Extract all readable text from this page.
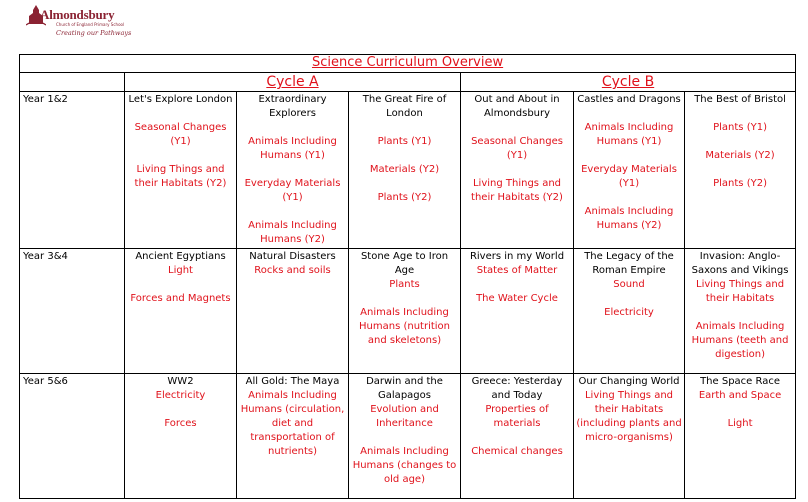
Almondsbury
Church of England Primary School
Creating our Pathways
Science Curriculum Overview						
	Cycle A			Cycle B		
Year 1&2	Let's Explore London
Seasonal Changes (Y1)
Living Things and their Habitats (Y2)	Extraordinary Explorers
Animals Including Humans (Y1)
Everyday Materials (Y1)
Animals Including Humans (Y2)	The Great Fire of London
Plants (Y1)
Materials (Y2)
Plants (Y2)	Out and About in Almondsbury
Seasonal Changes (Y1)
Living Things and their Habitats (Y2)	Castles and Dragons
Animals Including Humans (Y1)
Everyday Materials (Y1)
Animals Including Humans (Y2)	The Best of Bristol
Plants (Y1)
Materials (Y2)
Plants (Y2)

Year 3&4	Ancient Egyptians
Light
Forces and Magnets	Natural Disasters
Rocks and soils	Stone Age to Iron Age
Plants
Animals Including Humans (nutrition and skeletons)	Rivers in my World
States of Matter
The Water Cycle	The Legacy of the Roman Empire
Sound
Electricity	Invasion: Anglo-Saxons and Vikings
Living Things and their Habitats
Animals Including Humans (teeth and digestion)

Year 5&6	WW2
Electricity
Forces	All Gold: The Maya
Animals Including Humans (circulation, diet and transportation of nutrients)	Darwin and the Galapagos
Evolution and Inheritance
Animals Including Humans (changes to old age)	Greece: Yesterday and Today
Properties of materials
Chemical changes	Our Changing World
Living Things and their Habitats (including plants and micro-organisms)	The Space Race
Earth and Space
Light
